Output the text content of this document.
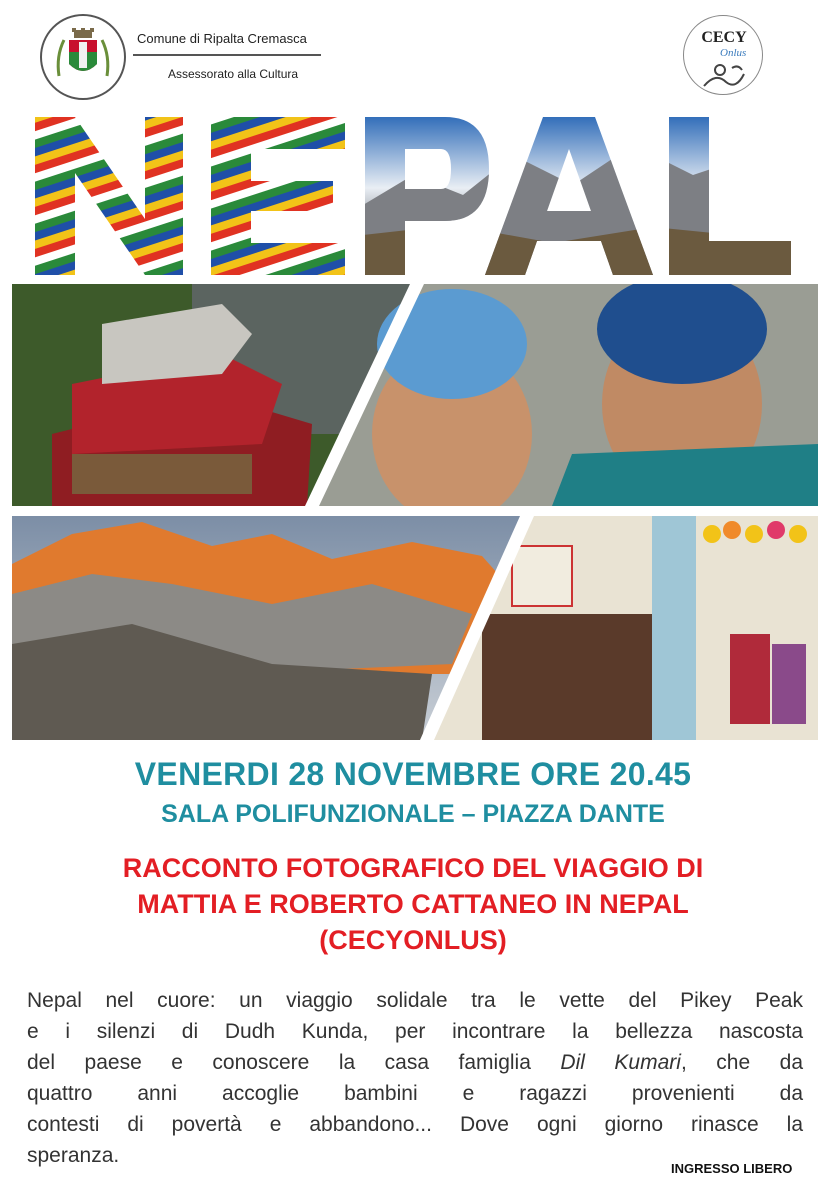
Comune di Ripalta Cremasca
Assessorato alla Cultura
CECY
Onlus
VENERDI 28 NOVEMBRE ORE 20.45
SALA POLIFUNZIONALE – PIAZZA DANTE
RACCONTO FOTOGRAFICO DEL VIAGGIO DI
MATTIA E ROBERTO CATTANEO IN NEPAL
(CECYONLUS)
Nepal nel cuore: un viaggio solidale tra le vette del Pikey Peak
e i silenzi di Dudh Kunda, per incontrare la bellezza nascosta
del paese e conoscere la casa famiglia Dil Kumari, che da
quattro anni accoglie bambini e ragazzi provenienti da
contesti di povertà e abbandono... Dove ogni giorno rinasce la
speranza.
INGRESSO LIBERO
